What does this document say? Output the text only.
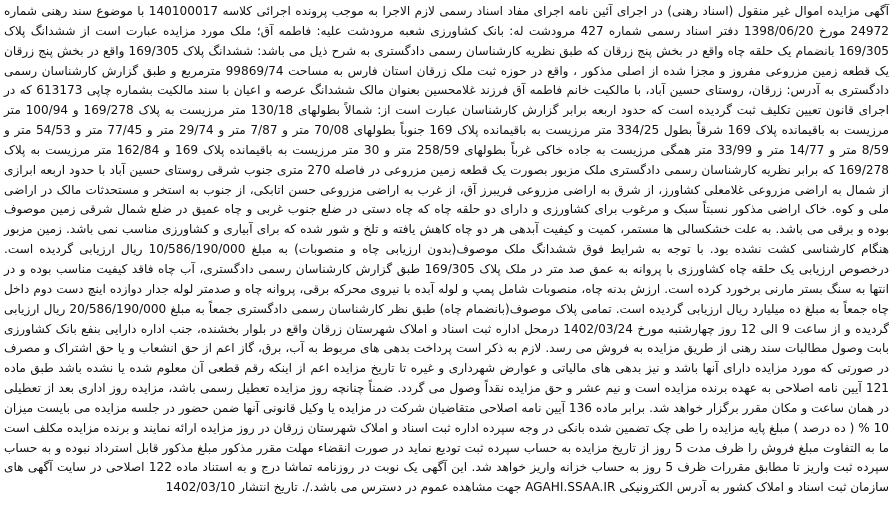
آگهی مزایده اموال غیر منقول (اسناد رهنی) در اجرای آئین نامه اجرای مفاد اسناد رسمی لازم الاجرا به موجب پرونده اجرائی کلاسه 140100017 با موضوع سند رهنی شماره 24972 مورخ 1398/06/20 دفتر اسناد رسمی شماره 427 مرودشت له: بانک کشاورزی شعبه مرودشت علیه: فاطمه آق؛ ملک مورد مزایده عبارت است از ششدانگ پلاک 169/305 بانضمام یک حلقه چاه واقع در بخش پنج زرقان که طبق نظریه کارشناسان رسمی دادگستری به شرح ذیل می باشد: ششدانگ پلاک 169/305 واقع در بخش پنج زرقان یک قطعه زمین مزروعی مفروز و مجزا شده از اصلی مذکور ، واقع در حوزه ثبت ملک زرقان استان فارس به مساحت 99869/74 مترمربع و طبق گزارش کارشناسان رسمی دادگستری به آدرس: زرقان، روستای حسین آباد، با مالکیت خانم فاطمه آق فرزند غلامحسین بعنوان مالک ششدانگ عرصه و اعیان با سند مالکیت بشماره چاپی 613173 که در اجرای قانون تعیین تکلیف ثبت گردیده است که حدود اربعه برابر گزارش کارشناسان عبارت است از: شمالاً بطولهای 130/18 متر مرزیست به پلاک 169/278 و 100/94 متر مرزیست به باقیمانده پلاک 169 شرقاً بطول 334/25 متر مرزیست به باقیمانده پلاک 169 جنوباً بطولهای 70/08 متر و 7/87 متر و 29/74 متر و 77/45 متر و 54/53 متر و 8/59 متر و 14/77 متر و 33/99 متر همگی مرزیست به جاده خاکی غرباً بطولهای 258/59 متر و 30 متر مرزیست به باقیمانده پلاک 169 و 162/84 متر مرزیست به پلاک 169/278 که برابر نظریه کارشناسان رسمی دادگستری ملک مزبور بصورت یک قطعه زمین مزروعی در فاصله 270 متری جنوب شرقی روستای حسین آباد با حدود اربعه ابرازی از شمال به اراضی مزروعی غلامعلی کشاورز، از شرق به اراضی مزروعی فریبرز آق، از غرب به اراضی مزروعی حسن اتابکی، از جنوب به استخر و مستحدثات مالک در اراضی ملی و کوه. خاک اراضی مذکور نسبتاً سبک و مرغوب برای کشاورزی و دارای دو حلقه چاه که چاه دستی در ضلع جنوب غربی و چاه عمیق در ضلع شمال شرقی زمین موصوف بوده و برقی می باشد. به علت خشکسالی ها مستمر، کمیت و کیفیت آبدهی هر دو چاه کاهش یافته و تلخ و شور شده که برای آبیاری و کشاورزی مناسب نمی باشد. زمین مزبور هنگام کارشناسی کشت نشده بود. با توجه به شرایط فوق ششدانگ ملک موصوف(بدون ارزیابی چاه و منصوبات) به مبلغ 10/586/190/000 ریال ارزیابی گردیده است. درخصوص ارزیابی یک حلقه چاه کشاورزی با پروانه به عمق صد متر در ملک پلاک 169/305 طبق گزارش کارشناسان رسمی دادگستری، آب چاه فاقد کیفیت مناسب بوده و در انتها به سنگ بستر مارنی برخورد کرده است. ارزش بدنه چاه، منصوبات شامل پمپ و لوله آبده با نیروی محرکه برقی، پروانه چاه و صدمتر لوله جدار دوازده اینچ دست دوم داخل چاه جمعاً به مبلغ ده میلیارد ریال ارزیابی گردیده است. تمامی پلاک موصوف(بانضمام چاه) طبق نظر کارشناسان رسمی دادگستری جمعاً به مبلغ 20/586/190/000 ریال ارزیابی گردیده و از ساعت 9 الی 12 روز چهارشنبه مورخ 1402/03/24 درمحل اداره ثبت اسناد و املاک شهرستان زرقان واقع در بلوار بخشنده، جنب اداره دارایی بنفع بانک کشاورزی بابت وصول مطالبات سند رهنی از طریق مزایده به فروش می رسد. لازم به ذکر است پرداخت بدهی های مربوط به آب، برق، گاز اعم از حق انشعاب و یا حق اشتراک و مصرف در صورتی که مورد مزایده دارای آنها باشد و نیز بدهی های مالیاتی و عوارض شهرداری و غیره تا تاریخ مزایده اعم از اینکه رقم قطعی آن معلوم شده یا نشده باشد طبق ماده 121 آیین نامه اصلاحی به عهده برنده مزایده است و نیم عشر و حق مزایده نقداً وصول می گردد. ضمناً چنانچه روز مزایده تعطیل رسمی باشد، مزایده روز اداری بعد از تعطیلی در همان ساعت و مکان مقرر برگزار خواهد شد. برابر ماده 136 آیین نامه اصلاحی متقاضیان شرکت در مزایده یا وکیل قانونی آنها ضمن حضور در جلسه مزایده می بایست میزان 10 % ( ده درصد ) مبلغ پایه مزایده را طی چک تضمین شده بانکی در وجه سپرده اداره ثبت اسناد و املاک شهرستان زرقان در روز مزایده ارائه نمایند و برنده مزایده مکلف است ما به التفاوت مبلغ فروش را ظرف مدت 5 روز از تاریخ مزایده به حساب سپرده ثبت تودیع نماید در صورت انقضاء مهلت مقرر مذکور مبلغ مذکور قابل استرداد نبوده و به حساب سپرده ثبت واریز تا مطابق مقررات ظرف 5 روز به حساب خزانه واریز خواهد شد. این آگهی یک نوبت در روزنامه تماشا درج و به استناد ماده 122 اصلاحی در سایت آگهی های سازمان ثبت اسناد و املاک کشور به آدرس الکترونیکی AGAHI.SSAA.IR جهت مشاهده عموم در دسترس می باشد./. تاریخ انتشار 1402/03/10
